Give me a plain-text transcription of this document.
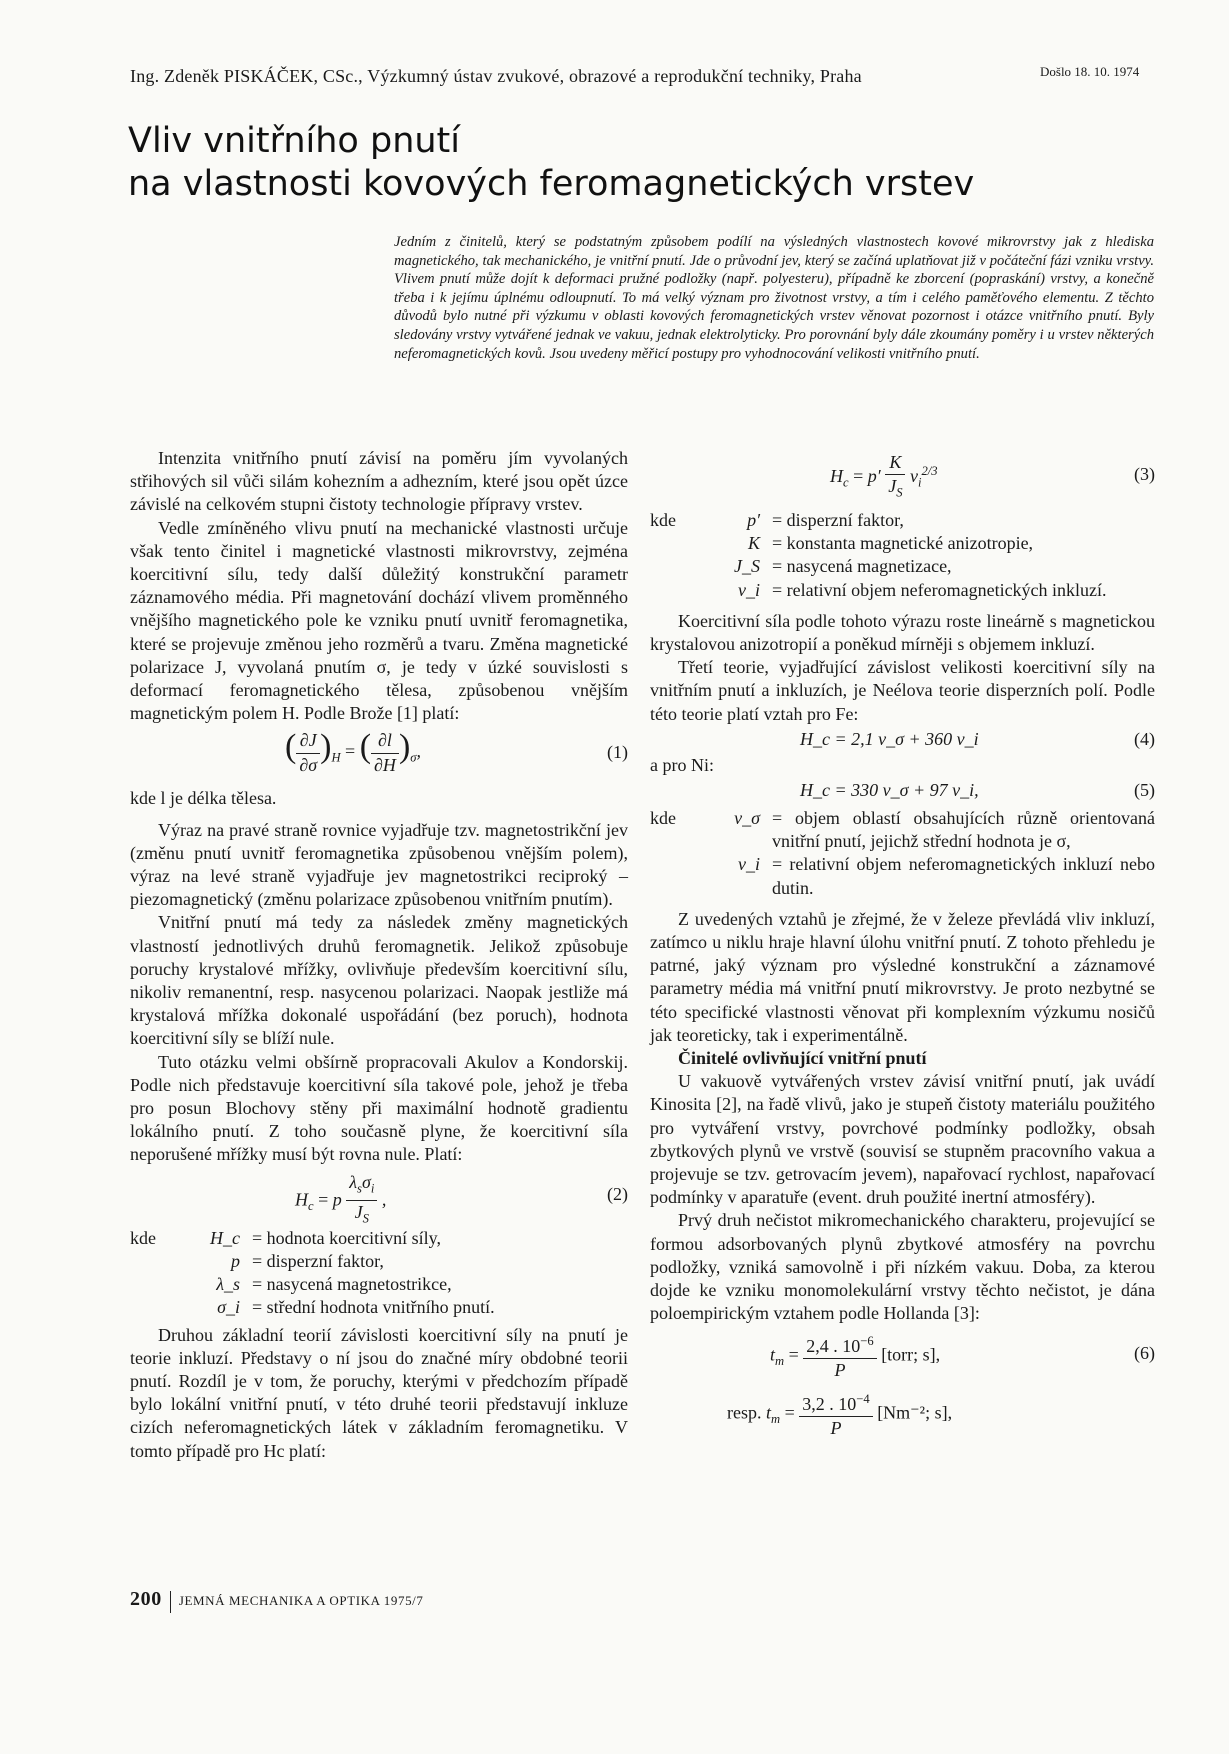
Ing. Zdeněk PISKÁČEK, CSc., Výzkumný ústav zvukové, obrazové a reprodukční techniky, Praha	Došlo 18. 10. 1974
Vliv vnitřního pnutí
na vlastnosti kovových feromagnetických vrstev
Jedním z činitelů, který se podstatným způsobem podílí na výsledných vlastnostech kovové mikrovrstvy jak z hlediska magnetického, tak mechanického, je vnitřní pnutí. Jde o průvodní jev, který se začíná uplatňovat již v počáteční fázi vzniku vrstvy. Vlivem pnutí může dojít k deformaci pružné podložky (např. polyesteru), případně ke zborcení (popraskání) vrstvy, a konečně třeba i k jejímu úplnému odloupnutí. To má velký význam pro životnost vrstvy, a tím i celého paměťového elementu. Z těchto důvodů bylo nutné při výzkumu v oblasti kovových feromagnetických vrstev věnovat pozornost i otázce vnitřního pnutí. Byly sledovány vrstvy vytvářené jednak ve vakuu, jednak elektrolyticky. Pro porovnání byly dále zkoumány poměry i u vrstev některých neferomagnetických kovů. Jsou uvedeny měřicí postupy pro vyhodnocování velikosti vnitřního pnutí.

Intenzita vnitřního pnutí závisí na poměru jím vyvolaných střihových sil vůči silám kohezním a adhezním, které jsou opět úzce závislé na celkovém stupni čistoty technologie přípravy vrstev.

Vedle zmíněného vlivu pnutí na mechanické vlastnosti určuje však tento činitel i magnetické vlastnosti mikrovrstvy, zejména koercitivní sílu, tedy další důležitý konstrukční parametr záznamového média. Při magnetování dochází vlivem proměnného vnějšího magnetického pole ke vzniku pnutí uvnitř feromagnetika, které se projevuje změnou jeho rozměrů a tvaru. Změna magnetické polarizace J, vyvolaná pnutím σ, je tedy v úzké souvislosti s deformací feromagnetického tělesa, způsobenou vnějším magnetickým polem H. Podle Brože [1] platí:

( $\frac{\partial J}{\partial\sigma} )_H$ = ( $\frac{\partial l}{\partial H} )_\sigma$,	(1)

kde l je délka tělesa.

Výraz na pravé straně rovnice vyjadřuje tzv. magnetostrikční jev (změnu pnutí uvnitř feromagnetika způsobenou vnějším polem), výraz na levé straně vyjadřuje jev magnetostrikci reciproký – piezomagnetický (změnu polarizace způsobenou vnitřním pnutím).

Vnitřní pnutí má tedy za následek změny magnetických vlastností jednotlivých druhů feromagnetik. Jelikož způsobuje poruchy krystalové mřížky, ovlivňuje především koercitivní sílu, nikoliv remanentní, resp. nasycenou polarizaci. Naopak jestliže má krystalová mřížka dokonalé uspořádání (bez poruch), hodnota koercitivní síly se blíží nule.

Tuto otázku velmi obšírně propracovali Akulov a Kondorskij. Podle nich představuje koercitivní síla takové pole, jehož je třeba pro posun Blochovy stěny při maximální hodnotě gradientu lokálního pnutí. Z toho současně plyne, že koercitivní síla neporušené mřížky musí být rovna nule. Platí:

$H_c = p \frac{\lambda_s\sigma_i}{J_S}$ ,	(2)
kde	H_c = hodnota koercitivní síly,
p = disperzní faktor,
λ_s = nasycená magnetostrikce,
σ_i = střední hodnota vnitřního pnutí.

Druhou základní teorií závislosti koercitivní síly na pnutí je teorie inkluzí. Představy o ní jsou do značné míry obdobné teorii pnutí. Rozdíl je v tom, že poruchy, kterými v předchozím případě bylo lokální vnitřní pnutí, v této druhé teorii představují inkluze cizích neferomagnetických látek v základním feromagnetiku. V tomto případě pro Hc platí:

$H_c = p' \frac{K}{J_S} v_i^{2/3}$	(3)
kde	p′ = disperzní faktor,
K = konstanta magnetické anizotropie,
J_S = nasycená magnetizace,
v_i = relativní objem neferomagnetických inkluzí.

Koercitivní síla podle tohoto výrazu roste lineárně s magnetickou krystalovou anizotropií a poněkud mírněji s objemem inkluzí.

Třetí teorie, vyjadřující závislost velikosti koercitivní síly na vnitřním pnutí a inkluzích, je Neélova teorie disperzních polí. Podle této teorie platí vztah pro Fe:

H_c = 2,1 v_σ + 360 v_i	(4)

a pro Ni:

H_c = 330 v_σ + 97 v_i,	(5)
kde	v_σ = objem oblastí obsahujících různě orientovaná vnitřní pnutí, jejichž střední hodnota je σ,
v_i = relativní objem neferomagnetických inkluzí nebo dutin.

Z uvedených vztahů je zřejmé, že v železe převládá vliv inkluzí, zatímco u niklu hraje hlavní úlohu vnitřní pnutí. Z tohoto přehledu je patrné, jaký význam pro výsledné konstrukční a záznamové parametry média má vnitřní pnutí mikrovrstvy. Je proto nezbytné se této specifické vlastnosti věnovat při komplexním výzkumu nosičů jak teoreticky, tak i experimentálně.

Činitelé ovlivňující vnitřní pnutí

U vakuově vytvářených vrstev závisí vnitřní pnutí, jak uvádí Kinosita [2], na řadě vlivů, jako je stupeň čistoty materiálu použitého pro vytváření vrstvy, povrchové podmínky podložky, obsah zbytkových plynů ve vrstvě (souvisí se stupněm pracovního vakua a projevuje se tzv. getrovacím jevem), napařovací rychlost, napařovací podmínky v aparatuře (event. druh použité inertní atmosféry).

Prvý druh nečistot mikromechanického charakteru, projevující se formou adsorbovaných plynů zbytkové atmosféry na povrchu podložky, vzniká samovolně i při nízkém vakuu. Doba, za kterou dojde ke vzniku monomolekulární vrstvy těchto nečistot, je dána poloempirickým vztahem podle Hollanda [3]:

$t_m = \frac{2,4 . 10^{-6}}{P}$ [torr; s],	(6)
resp. $t_m = \frac{3,2 . 10^{-4}}{P} [Nm^{-2}$; s],
200 JEMNÁ MECHANIKA A OPTIKA 1975/7
